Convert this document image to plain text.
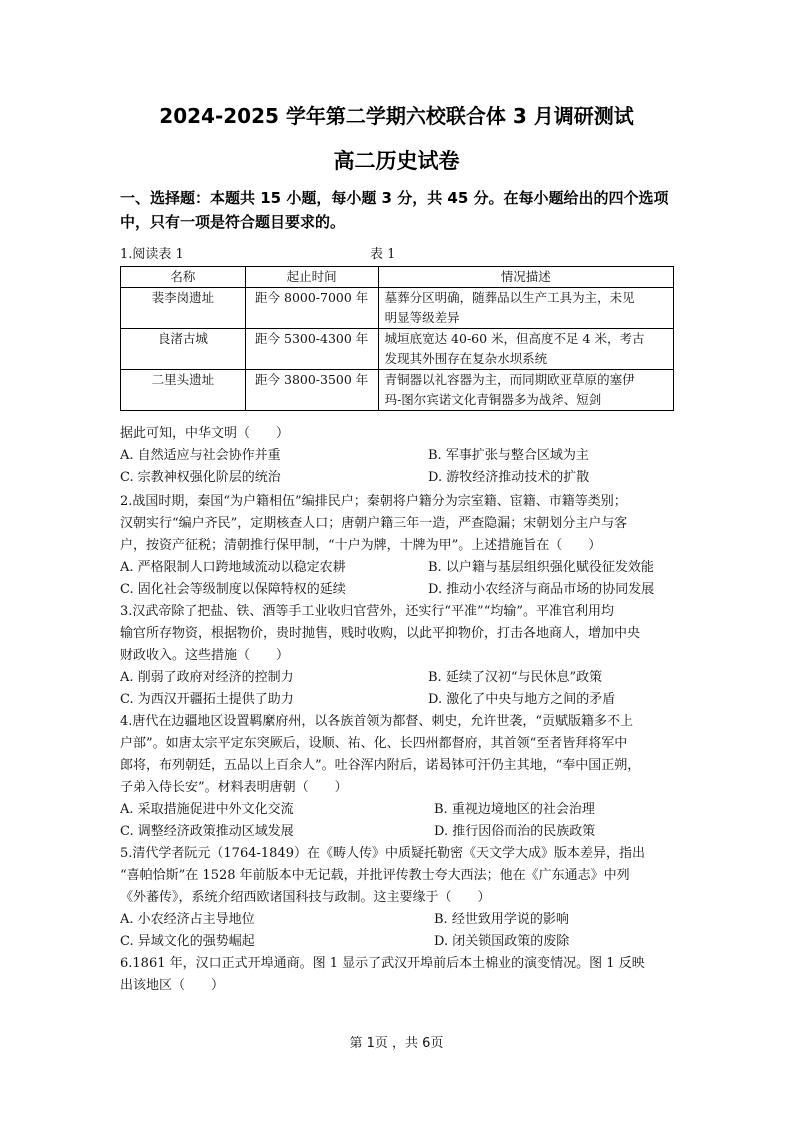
2024-2025 学年第二学期六校联合体 3 月调研测试
高二历史试卷
一、选择题：本题共 15 小题，每小题 3 分，共 45 分。在每小题给出的四个选项
中，只有一项是符合题目要求的。
1.阅读表 1	表 1
名称	起止时间	情况描述
裴李岗遗址	距今 8000-7000 年	墓葬分区明确，随葬品以生产工具为主，未见
明显等级差异

良渚古城	距今 5300-4300 年	城垣底宽达 40-60 米，但高度不足 4 米，考古
发现其外围存在复杂水坝系统

二里头遗址	距今 3800-3500 年	青铜器以礼容器为主，而同期欧亚草原的塞伊
玛-图尔宾诺文化青铜器多为战斧、短剑
据此可知，中华文明（　　）
A. 自然适应与社会协作并重	B. 军事扩张与整合区域为主
C. 宗教神权强化阶层的统治	D. 游牧经济推动技术的扩散
2.战国时期，秦国“为户籍相伍”编排民户；秦朝将户籍分为宗室籍、宦籍、市籍等类别；
汉朝实行“编户齐民”，定期核查人口；唐朝户籍三年一造，严查隐漏；宋朝划分主户与客
户，按资产征税；清朝推行保甲制，“十户为牌，十牌为甲”。上述措施旨在（　　）
A. 严格限制人口跨地域流动以稳定农耕	B. 以户籍与基层组织强化赋役征发效能
C. 固化社会等级制度以保障特权的延续	D. 推动小农经济与商品市场的协同发展
3.汉武帝除了把盐、铁、酒等手工业收归官营外，还实行“平准”“均输”。平准官利用均
输官所存物资，根据物价，贵时抛售，贱时收购，以此平抑物价，打击各地商人，增加中央
财政收入。这些措施（　　）
A. 削弱了政府对经济的控制力	B. 延续了汉初“与民休息”政策
C. 为西汉开疆拓土提供了助力	D. 激化了中央与地方之间的矛盾
4.唐代在边疆地区设置羁縻府州，以各族首领为都督、刺史，允许世袭，“贡赋版籍多不上
户部”。如唐太宗平定东突厥后，设顺、祐、化、长四州都督府，其首领“至者皆拜将军中
郎将，布列朝廷，五品以上百余人”。吐谷浑内附后，诺曷钵可汗仍主其地，“奉中国正朔，
子弟入侍长安”。材料表明唐朝（　　）
A. 采取措施促进中外文化交流	B. 重视边境地区的社会治理
C. 调整经济政策推动区域发展	D. 推行因俗而治的民族政策
5.清代学者阮元（1764-1849）在《畴人传》中质疑托勒密《天文学大成》版本差异，指出
“喜帕恰斯”在 1528 年前版本中无记载，并批评传教士夸大西法；他在《广东通志》中列
《外蕃传》，系统介绍西欧诸国科技与政制。这主要缘于（　　）
A. 小农经济占主导地位	B. 经世致用学说的影响
C. 异域文化的强势崛起	D. 闭关锁国政策的废除
6.1861 年，汉口正式开埠通商。图 1 显示了武汉开埠前后本土棉业的演变情况。图 1 反映
出该地区（　　）
第 1页 ，共 6页
